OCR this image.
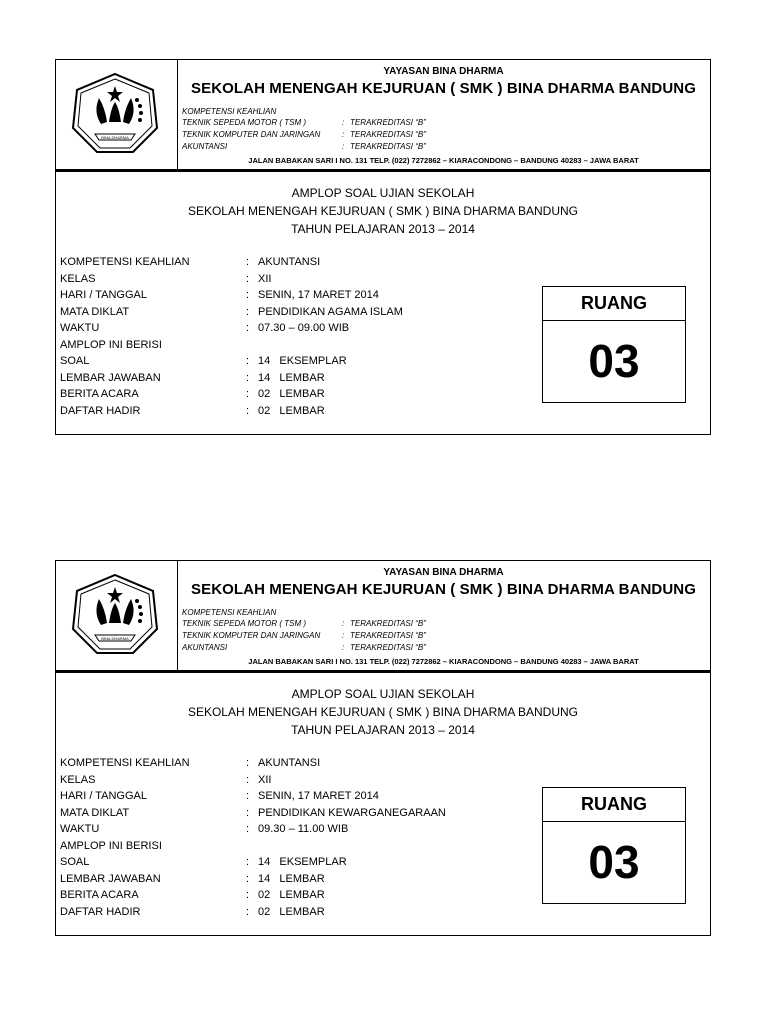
BINA DHARMA
YAYASAN BINA DHARMA
SEKOLAH MENENGAH KEJURUAN ( SMK ) BINA DHARMA BANDUNG
KOMPETENSI KEAHLIAN
TEKNIK SEPEDA MOTOR ( TSM )	: TERAKREDITASI “B”
TEKNIK KOMPUTER DAN JARINGAN	: TERAKREDITASI “B”
AKUNTANSI	: TERAKREDITASI “B”
JALAN BABAKAN SARI I NO. 131 TELP. (022) 7272862 – KIARACONDONG – BANDUNG 40283 – JAWA BARAT
AMPLOP SOAL UJIAN SEKOLAH
SEKOLAH MENENGAH KEJURUAN ( SMK ) BINA DHARMA BANDUNG
TAHUN PELAJARAN 2013 – 2014
KOMPETENSI KEAHLIAN	: AKUNTANSI
KELAS	: XII
HARI / TANGGAL	: SENIN, 17 MARET 2014
MATA DIKLAT	: PENDIDIKAN AGAMA ISLAM
WAKTU	: 07.30 – 09.00 WIB
AMPLOP INI BERISI
SOAL	: 14   EKSEMPLAR
LEMBAR JAWABAN	: 14   LEMBAR
BERITA ACARA	: 02   LEMBAR
DAFTAR HADIR	: 02   LEMBAR
RUANG
03
BINA DHARMA
YAYASAN BINA DHARMA
SEKOLAH MENENGAH KEJURUAN ( SMK ) BINA DHARMA BANDUNG
KOMPETENSI KEAHLIAN
TEKNIK SEPEDA MOTOR ( TSM )	: TERAKREDITASI “B”
TEKNIK KOMPUTER DAN JARINGAN	: TERAKREDITASI “B”
AKUNTANSI	: TERAKREDITASI “B”
JALAN BABAKAN SARI I NO. 131 TELP. (022) 7272862 – KIARACONDONG – BANDUNG 40283 – JAWA BARAT
AMPLOP SOAL UJIAN SEKOLAH
SEKOLAH MENENGAH KEJURUAN ( SMK ) BINA DHARMA BANDUNG
TAHUN PELAJARAN 2013 – 2014
KOMPETENSI KEAHLIAN	: AKUNTANSI
KELAS	: XII
HARI / TANGGAL	: SENIN, 17 MARET 2014
MATA DIKLAT	: PENDIDIKAN KEWARGANEGARAAN
WAKTU	: 09.30 – 11.00 WIB
AMPLOP INI BERISI
SOAL	: 14   EKSEMPLAR
LEMBAR JAWABAN	: 14   LEMBAR
BERITA ACARA	: 02   LEMBAR
DAFTAR HADIR	: 02   LEMBAR
RUANG
03
